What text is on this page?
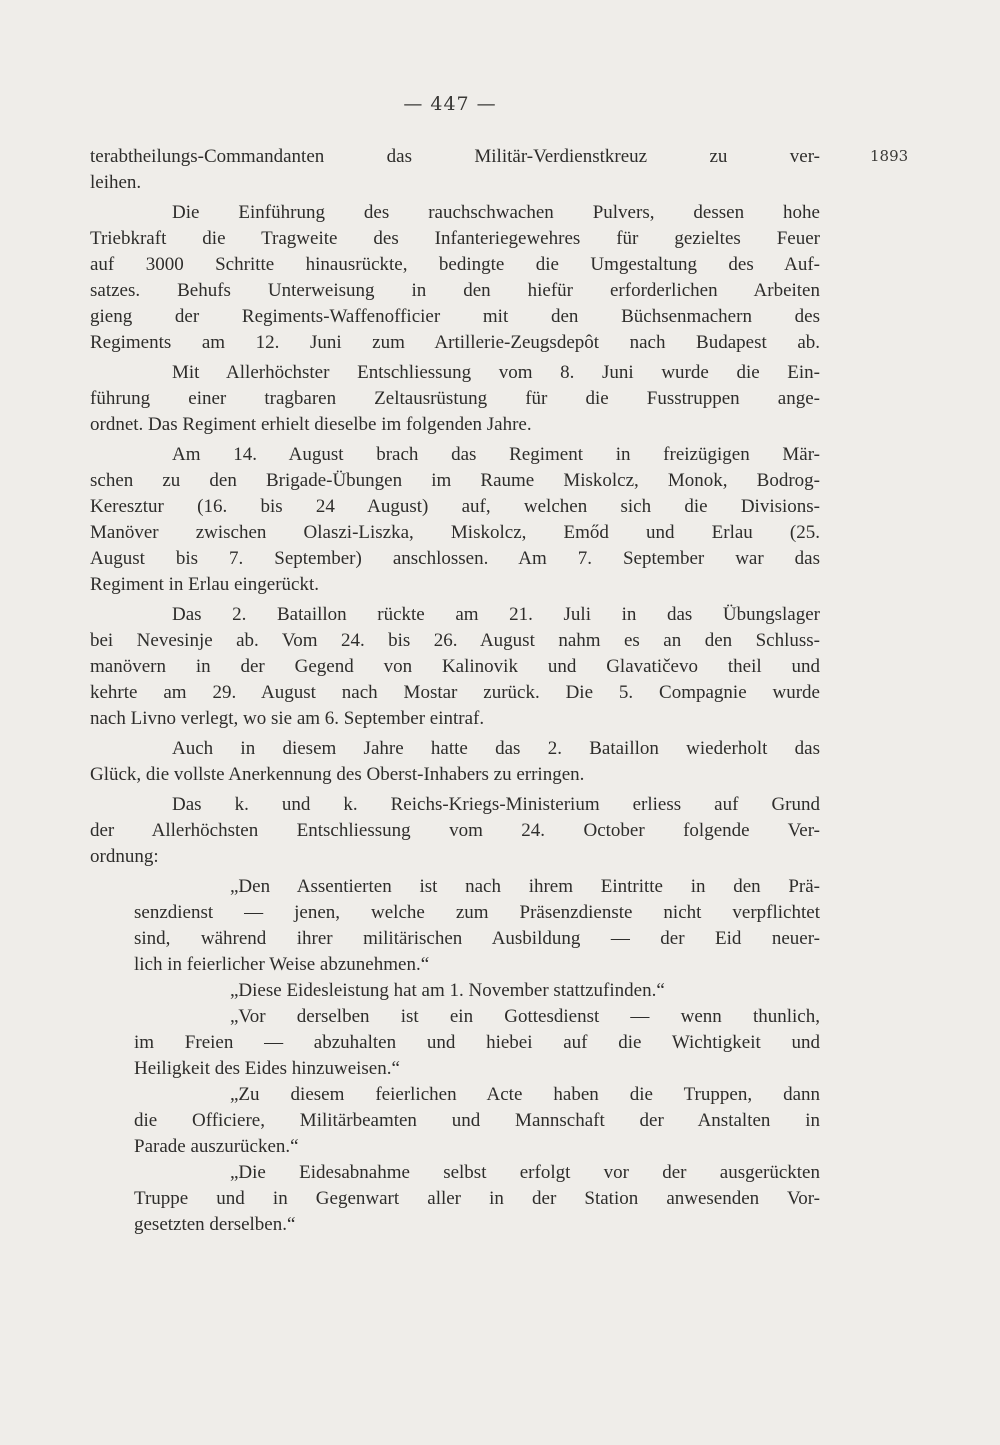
— 447 —
1893
terabtheilungs-Commandanten das Militär-Verdienstkreuz zu ver-
leihen.
Die Einführung des rauchschwachen Pulvers, dessen hohe
Triebkraft die Tragweite des Infanteriegewehres für gezieltes Feuer
auf 3000 Schritte hinausrückte, bedingte die Umgestaltung des Auf-
satzes. Behufs Unterweisung in den hiefür erforderlichen Arbeiten
gieng der Regiments-Waffenofficier mit den Büchsenmachern des
Regiments am 12. Juni zum Artillerie-Zeugsdepôt nach Budapest ab.
Mit Allerhöchster Entschliessung vom 8. Juni wurde die Ein-
führung einer tragbaren Zeltausrüstung für die Fusstruppen ange-
ordnet. Das Regiment erhielt dieselbe im folgenden Jahre.
Am 14. August brach das Regiment in freizügigen Mär-
schen zu den Brigade-Übungen im Raume Miskolcz, Monok, Bodrog-
Keresztur (16. bis 24 August) auf, welchen sich die Divisions-
Manöver zwischen Olaszi-Liszka, Miskolcz, Emőd und Erlau (25.
August bis 7. September) anschlossen. Am 7. September war das
Regiment in Erlau eingerückt.
Das 2. Bataillon rückte am 21. Juli in das Übungslager
bei Nevesinje ab. Vom 24. bis 26. August nahm es an den Schluss-
manövern in der Gegend von Kalinovik und Glavatičevo theil und
kehrte am 29. August nach Mostar zurück. Die 5. Compagnie wurde
nach Livno verlegt, wo sie am 6. September eintraf.
Auch in diesem Jahre hatte das 2. Bataillon wiederholt das
Glück, die vollste Anerkennung des Oberst-Inhabers zu erringen.
Das k. und k. Reichs-Kriegs-Ministerium erliess auf Grund
der Allerhöchsten Entschliessung vom 24. October folgende Ver-
ordnung:
„Den Assentierten ist nach ihrem Eintritte in den Prä-
senzdienst — jenen, welche zum Präsenzdienste nicht verpflichtet
sind, während ihrer militärischen Ausbildung — der Eid neuer-
lich in feierlicher Weise abzunehmen.“
„Diese Eidesleistung hat am 1. November stattzufinden.“
„Vor derselben ist ein Gottesdienst — wenn thunlich,
im Freien — abzuhalten und hiebei auf die Wichtigkeit und
Heiligkeit des Eides hinzuweisen.“
„Zu diesem feierlichen Acte haben die Truppen, dann
die Officiere, Militärbeamten und Mannschaft der Anstalten in
Parade auszurücken.“
„Die Eidesabnahme selbst erfolgt vor der ausgerückten
Truppe und in Gegenwart aller in der Station anwesenden Vor-
gesetzten derselben.“
